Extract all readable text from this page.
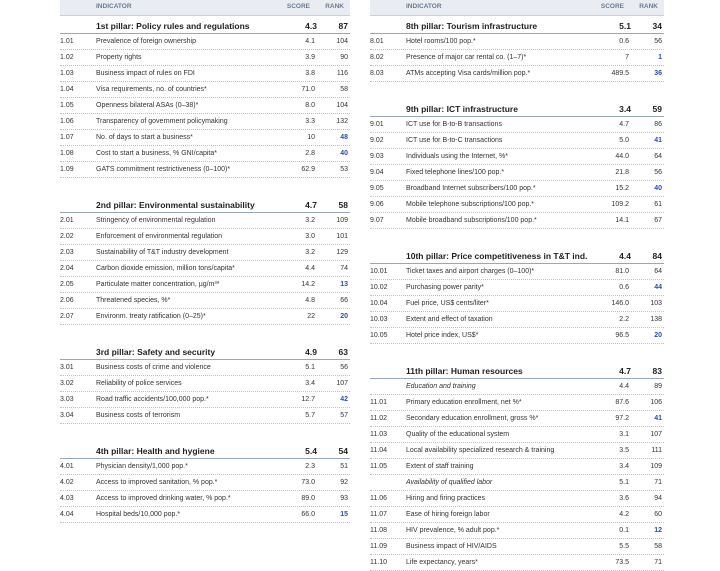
INDICATOR	SCORE RANK
1st pillar: Policy rules and regulations	4.3	87
1.01	Prevalence of foreign ownership	4.1	104
1.02	Property rights	3.9	90
1.03	Business impact of rules on FDI	3.8	116
1.04	Visa requirements, no. of countries*	71.0	58
1.05	Openness bilateral ASAs (0–38)*	8.0	104
1.06	Transparency of government policymaking	3.3	132
1.07	No. of days to start a business*	10	48
1.08	Cost to start a business, % GNI/capita*	2.8	40
1.09	GATS commitment restrictiveness (0–100)*	62.9	53
2nd pillar: Environmental sustainability	4.7	58
2.01	Stringency of environmental regulation	3.2	109
2.02	Enforcement of environmental regulation	3.0	101
2.03	Sustainability of T&T industry development	3.2	129
2.04	Carbon dioxide emission, million tons/capita*	4.4	74
2.05	Particulate matter concentration, µg/m³*	14.2	13
2.06	Threatened species, %*	4.8	66
2.07	Environm. treaty ratification (0–25)*	22	20
3rd pillar: Safety and security	4.9	63
3.01	Business costs of crime and violence	5.1	56
3.02	Reliability of police services	3.4	107
3.03	Road traffic accidents/100,000 pop.*	12.7	42
3.04	Business costs of terrorism	5.7	57
4th pillar: Health and hygiene	5.4	54
4.01	Physician density/1,000 pop.*	2.3	51
4.02	Access to improved sanitation, % pop.*	73.0	92
4.03	Access to improved drinking water, % pop.*	89.0	93
4.04	Hospital beds/10,000 pop.*	66.0	15
INDICATOR	SCORE RANK
8th pillar: Tourism infrastructure	5.1	34
8.01	Hotel rooms/100 pop.*	0.6	56
8.02	Presence of major car rental co. (1–7)*	7	1
8.03	ATMs accepting Visa cards/million pop.*	489.5	36
9th pillar: ICT infrastructure	3.4	59
9.01	ICT use for B-to-B transactions	4.7	86
9.02	ICT use for B-to-C transactions	5.0	41
9.03	Individuals using the Internet, %*	44.0	64
9.04	Fixed telephone lines/100 pop.*	21.8	56
9.05	Broadband Internet subscribers/100 pop.*	15.2	40
9.06	Mobile telephone subscriptions/100 pop.*	109.2	61
9.07	Mobile broadband subscriptions/100 pop.*	14.1	67
10th pillar: Price competitiveness in T&T ind.	4.4	84
10.01	Ticket taxes and airport charges (0–100)*	81.0	64
10.02	Purchasing power parity*	0.6	44
10.04	Fuel price, US$ cents/liter*	146.0	103
10.03	Extent and effect of taxation	2.2	138
10.05	Hotel price index, US$*	96.5	20
11th pillar: Human resources	4.7	83
Education and training	4.4	89
11.01	Primary education enrollment, net %*	87.6	106
11.02	Secondary education enrollment, gross %*	97.2	41
11.03	Quality of the educational system	3.1	107
11.04	Local availability specialized research & training	3.5	111
11.05	Extent of staff training	3.4	109
Availability of qualified labor	5.1	71
11.06	Hiring and firing practices	3.6	94
11.07	Ease of hiring foreign labor	4.2	60
11.08	HIV prevalence, % adult pop.*	0.1	12
11.09	Business impact of HIV/AIDS	5.5	58
11.10	Life expectancy, years*	73.5	71
